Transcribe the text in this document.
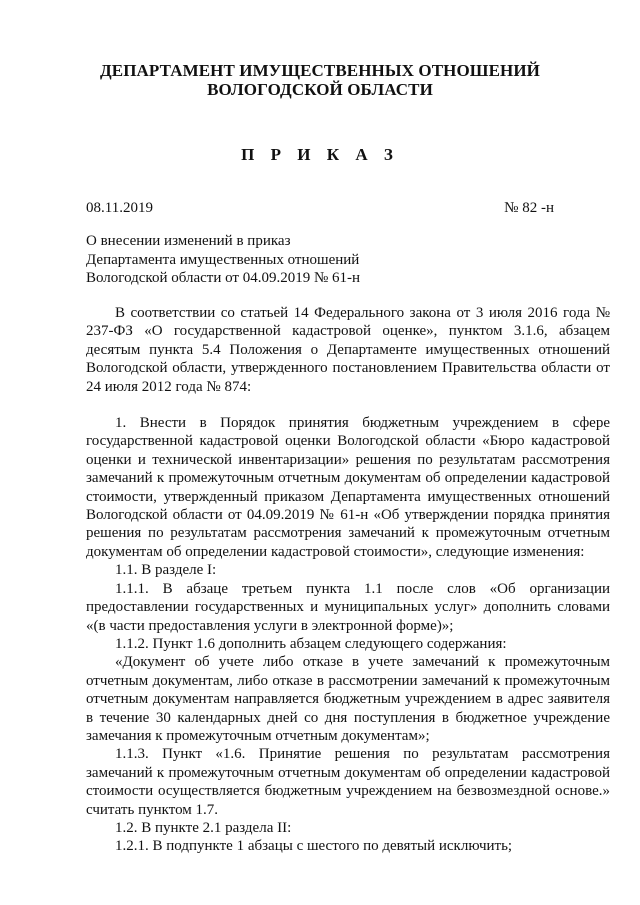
ДЕПАРТАМЕНТ ИМУЩЕСТВЕННЫХ ОТНОШЕНИЙ
ВОЛОГОДСКОЙ ОБЛАСТИ
П Р И К А З
08.11.2019	№ 82 -н
О внесении изменений в приказ
Департамента имущественных отношений
Вологодской области от 04.09.2019 № 61-н

В соответствии со статьей 14 Федерального закона от 3 июля 2016 года № 237-ФЗ «О государственной кадастровой оценке», пунктом 3.1.6, абзацем десятым пункта 5.4 Положения о Департаменте имущественных отношений Вологодской области, утвержденного постановлением Правительства области от 24 июля 2012 года № 874:

1. Внести в Порядок принятия бюджетным учреждением в сфере государственной кадастровой оценки Вологодской области «Бюро кадастровой оценки и технической инвентаризации» решения по результатам рассмотрения замечаний к промежуточным отчетным документам об определении кадастровой стоимости, утвержденный приказом Департамента имущественных отношений Вологодской области от 04.09.2019 № 61-н «Об утверждении порядка принятия решения по результатам рассмотрения замечаний к промежуточным отчетным документам об определении кадастровой стоимости», следующие изменения:

1.1. В разделе I:

1.1.1. В абзаце третьем пункта 1.1 после слов «Об организации предоставлении государственных и муниципальных услуг» дополнить словами «(в части предоставления услуги в электронной форме)»;

1.1.2. Пункт 1.6 дополнить абзацем следующего содержания:

«Документ об учете либо отказе в учете замечаний к промежуточным отчетным документам, либо отказе в рассмотрении замечаний к промежуточным отчетным документам направляется бюджетным учреждением в адрес заявителя в течение 30 календарных дней со дня поступления в бюджетное учреждение замечания к промежуточным отчетным документам»;

1.1.3. Пункт «1.6. Принятие решения по результатам рассмотрения замечаний к промежуточным отчетным документам об определении кадастровой стоимости осуществляется бюджетным учреждением на безвозмездной основе.» считать пунктом 1.7.

1.2. В пункте 2.1 раздела II:

1.2.1. В подпункте 1 абзацы с шестого по девятый исключить;
